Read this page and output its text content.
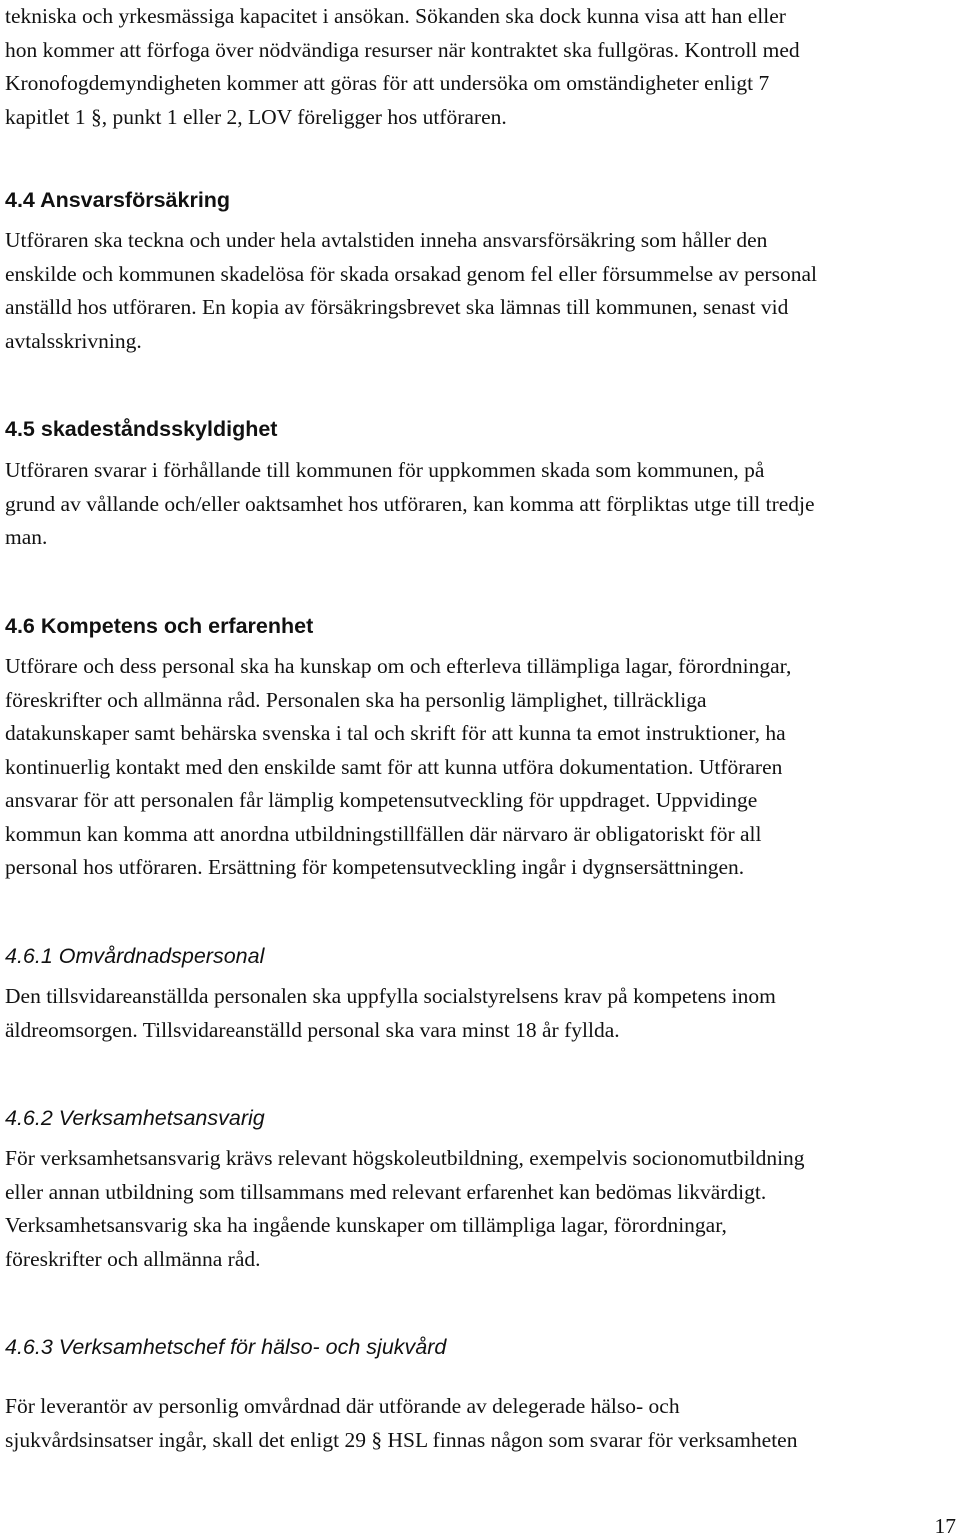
tekniska och yrkesmässiga kapacitet i ansökan. Sökanden ska dock kunna visa att han eller
hon kommer att förfoga över nödvändiga resurser när kontraktet ska fullgöras. Kontroll med
Kronofogdemyndigheten kommer att göras för att undersöka om omständigheter enligt 7
kapitlet 1 §, punkt 1 eller 2, LOV föreligger hos utföraren.
4.4 Ansvarsförsäkring
Utföraren ska teckna och under hela avtalstiden inneha ansvarsförsäkring som håller den
enskilde och kommunen skadelösa för skada orsakad genom fel eller försummelse av personal
anställd hos utföraren. En kopia av försäkringsbrevet ska lämnas till kommunen, senast vid
avtalsskrivning.
4.5 skadeståndsskyldighet
Utföraren svarar i förhållande till kommunen för uppkommen skada som kommunen, på
grund av vållande och/eller oaktsamhet hos utföraren, kan komma att förpliktas utge till tredje
man.
4.6 Kompetens och erfarenhet
Utförare och dess personal ska ha kunskap om och efterleva tillämpliga lagar, förordningar,
föreskrifter och allmänna råd. Personalen ska ha personlig lämplighet, tillräckliga
datakunskaper samt behärska svenska i tal och skrift för att kunna ta emot instruktioner, ha
kontinuerlig kontakt med den enskilde samt för att kunna utföra dokumentation. Utföraren
ansvarar för att personalen får lämplig kompetensutveckling för uppdraget. Uppvidinge
kommun kan komma att anordna utbildningstillfällen där närvaro är obligatoriskt för all
personal hos utföraren. Ersättning för kompetensutveckling ingår i dygnsersättningen.
4.6.1 Omvårdnadspersonal
Den tillsvidareanställda personalen ska uppfylla socialstyrelsens krav på kompetens inom
äldreomsorgen. Tillsvidareanställd personal ska vara minst 18 år fyllda.
4.6.2 Verksamhetsansvarig
För verksamhetsansvarig krävs relevant högskoleutbildning, exempelvis socionomutbildning
eller annan utbildning som tillsammans med relevant erfarenhet kan bedömas likvärdigt.
Verksamhetsansvarig ska ha ingående kunskaper om tillämpliga lagar, förordningar,
föreskrifter och allmänna råd.
4.6.3 Verksamhetschef för hälso- och sjukvård
För leverantör av personlig omvårdnad där utförande av delegerade hälso- och
sjukvårdsinsatser ingår, skall det enligt 29 § HSL finnas någon som svarar för verksamheten
17
